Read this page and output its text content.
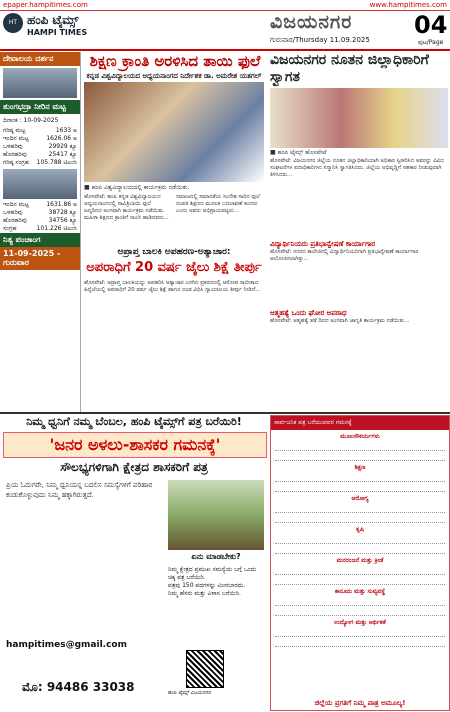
epaper.hampitimes.com	www.hampitimes.com
HT ಹಂಪಿ ಟೈಮ್ಸ್
HAMPI TIMES	ವಿಜಯನಗರ
ಗುರುವಾರ/Thursday 11.09.2025
04
ಪುಟ/Page
ದೇವಾಲಯ ದರ್ಶನ
ತುಂಗಭದ್ರಾ ನೀರಿನ ಮಟ್ಟ
ದಿನಾಂಕ : 10-09-2025
ಗರಿಷ್ಠ ಮಟ್ಟ	1633 ಅ
ಇಂದಿನ ಮಟ್ಟ	1626.06 ಅ
ಒಳಹರಿವು	29929 ಕ್ಯೂ
ಹೊರಹರಿವು	25417 ಕ್ಯೂ
ಗರಿಷ್ಠ ಸಂಗ್ರಹ 105.788 ಟಿಎಂಸಿ
ಇಂದಿನ ಮಟ್ಟ	1631.86 ಅ
ಒಳಹರಿವು	38728 ಕ್ಯೂ
ಹೊರಹರಿವು	34756 ಕ್ಯೂ
ಸಂಗ್ರಹ	101.226 ಟಿಎಂಸಿ
ನಿತ್ಯ ಪಂಚಾಂಗ
11-09-2025 - ಗುರುವಾರ
ಶಿಕ್ಷಣ ಕ್ರಾಂತಿ ಅರಳಿಸಿದ ತಾಯಿ ಫುಲೆ
ಕನ್ನಡ ವಿಶ್ವವಿದ್ಯಾಲಯದ ಅಧ್ಯಯನಾಂಗದ ನಿರ್ದೇಶಕ ಡಾ. ಅಮರೇಶ ಯತಗಲ್
■ ಹಂಪಿ ವಿಶ್ವವಿದ್ಯಾಲಯದಲ್ಲಿ ಕಾರ್ಯಕ್ರಮ ನಡೆಯಿತು.
ಹೊಸಪೇಟೆ: ಹಂಪಿ ಕನ್ನಡ ವಿಶ್ವವಿದ್ಯಾಲಯದ ಅಧ್ಯಯನಾಂಗದಲ್ಲಿ ಸಾವಿತ್ರಿಬಾಯಿ ಫುಲೆ ಜನ್ಮದಿನದ ಅಂಗವಾಗಿ ಕಾರ್ಯಕ್ರಮ ನಡೆಯಿತು. ಮಹಿಳಾ ಶಿಕ್ಷಣದ ಕ್ರಾಂತಿಗೆ ನಾಂದಿ ಹಾಡಿದವರು...
ಸಮಾಜದಲ್ಲಿ ಸಮಾನತೆಯ ಸಂದೇಶ ಸಾರಿದ ಫುಲೆ ದಂಪತಿ ಶಿಕ್ಷಣದ ಮೂಲಕ ಬದಲಾವಣೆ ತಂದರು ಎಂದು ಅವರು ಅಭಿಪ್ರಾಯಪಟ್ಟರು...
ವಿಜಯನಗರ ನೂತನ ಜಿಲ್ಲಾಧಿಕಾರಿಗೆ ಸ್ವಾಗತ
■ ಹಂಪಿ ಟೈಮ್ಸ್ ಹೊಸಪೇಟೆ
ಹೊಸಪೇಟೆ: ವಿಜಯನಗರ ಜಿಲ್ಲೆಯ ನೂತನ ಜಿಲ್ಲಾಧಿಕಾರಿಯಾಗಿ ಅಧಿಕಾರ ಸ್ವೀಕರಿಸಿದ ಅವರನ್ನು ವಿವಿಧ ಸಂಘಟನೆಗಳ ಪದಾಧಿಕಾರಿಗಳು ಸನ್ಮಾನಿಸಿ ಸ್ವಾಗತಿಸಿದರು. ಜಿಲ್ಲೆಯ ಅಭಿವೃದ್ಧಿಗೆ ಸಹಕಾರ ನೀಡುವುದಾಗಿ ತಿಳಿಸಿದರು...
ವಿದ್ಯಾರ್ಥಿನಿಯರು ಪ್ರತಿಭಾನ್ವೇಷಣೆ ಕಾರ್ಯಾಗಾರ
ಹೊಸಪೇಟೆ: ನಗರದ ಕಾಲೇಜಿನಲ್ಲಿ ವಿದ್ಯಾರ್ಥಿನಿಯರಿಗಾಗಿ ಪ್ರತಿಭಾನ್ವೇಷಣೆ ಕಾರ್ಯಾಗಾರ ಆಯೋಜಿಸಲಾಗಿತ್ತು...
ಆತ್ಮಹತ್ಯೆ ಒಂದು ಘೋರ ಅಪರಾಧ
ಹೊಸಪೇಟೆ: ಆತ್ಮಹತ್ಯೆ ತಡೆ ದಿನದ ಅಂಗವಾಗಿ ಜಾಗೃತಿ ಕಾರ್ಯಕ್ರಮ ನಡೆಯಿತು...
ಅಪ್ರಾಪ್ತ ಬಾಲಕಿ ಅಪಹರಣ-ಅತ್ಯಾಚಾರ:
ಅಪರಾಧಿಗೆ 20 ವರ್ಷ ಜೈಲು ಶಿಕ್ಷೆ ತೀರ್ಪು
ಹೊಸಪೇಟೆ: ಅಪ್ರಾಪ್ತ ಬಾಲಕಿಯನ್ನು ಅಪಹರಿಸಿ ಅತ್ಯಾಚಾರ ಎಸಗಿದ ಪ್ರಕರಣದಲ್ಲಿ ಆರೋಪ ಸಾಬೀತಾದ ಹಿನ್ನೆಲೆಯಲ್ಲಿ ಅಪರಾಧಿಗೆ 20 ವರ್ಷ ಜೈಲು ಶಿಕ್ಷೆ ಹಾಗೂ ದಂಡ ವಿಧಿಸಿ ನ್ಯಾಯಾಲಯ ತೀರ್ಪು ನೀಡಿದೆ...
ನಿಮ್ಮ ಧ್ವನಿಗೆ ನಮ್ಮ ಬೆಂಬಲ, ಹಂಪಿ ಟೈಮ್ಸ್‌ಗೆ ಪತ್ರ ಬರೆಯಿರಿ!
'ಜನರ ಅಳಲು-ಶಾಸಕರ ಗಮನಕ್ಕೆ'
ಸೌಲಭ್ಯಗಳಿಗಾಗಿ ಕ್ಷೇತ್ರದ ಶಾಸಕರಿಗೆ ಪತ್ರ
ಪ್ರಿಯ ಓದುಗರೇ, ನಿಮ್ಮ ಧ್ವನಿಯನ್ನ ಬದಲಿಸ ಸಮಸ್ಯೆಗಳಿಗೆ ಪರಿಹಾರ ಕಂಡುಕೊಳ್ಳುವುದು ನಿಮ್ಮ ಹಕ್ಕಾಗಿರುತ್ತದೆ.
ಏನು ಮಾಡಬೇಕು?
ನಿಮ್ಮ ಕ್ಷೇತ್ರದ ಪ್ರಮುಖ ಸಮಸ್ಯೆಯ ಬಗ್ಗೆ ಒಂದು ಚಿಕ್ಕ ಪತ್ರ ಬರೆಯಿರಿ.
ಪತ್ರವು 150 ಪದಗಳನ್ನು ಮೀರಬಾರದು.
ನಿಮ್ಮ ಹೆಸರು ಮತ್ತು ವಿಳಾಸ ಬರೆಯಿರಿ.
hampitimes@gmail.com
ಮೊ: 94486 33038	ಹಂಪಿ ಟೈಮ್ಸ್ ವಿಜಯನಗರ
ಸಾರ್ವಜನಿಕ ಪತ್ರ ಬರೆಯುವವರ ಗಮನಕ್ಕೆ
ಮೂಲಸೌಕರ್ಯಗಳು
ಶಿಕ್ಷಣ
ಆರೋಗ್ಯ
ಕೃಷಿ
ಮನರಂಜನೆ ಮತ್ತು ಕ್ರೀಡೆ
ಕಾನೂನು ಮತ್ತು ಸುವ್ಯವಸ್ಥೆ
ಉದ್ಯೋಗ ಮತ್ತು ಆರ್ಥಿಕತೆ
ಜಿಲ್ಲೆಯ ಪ್ರಗತಿಗೆ ನಿಮ್ಮ ಪಾತ್ರ ಅಮೂಲ್ಯ!
